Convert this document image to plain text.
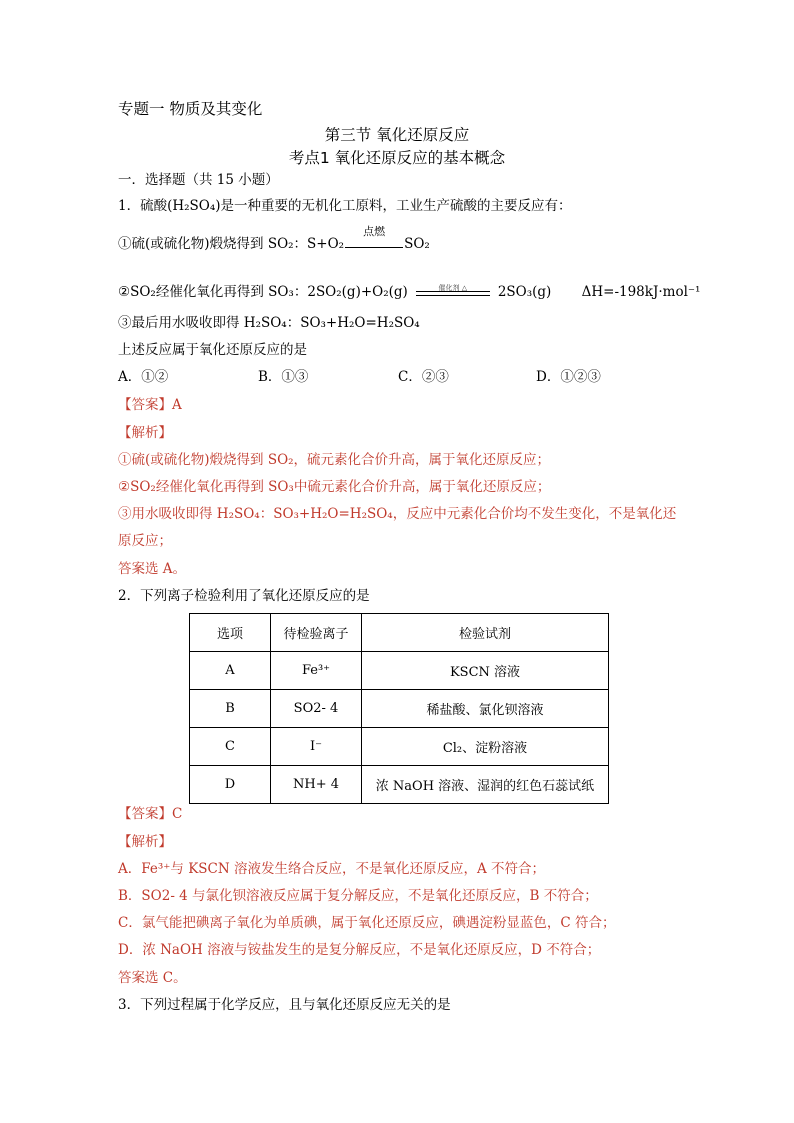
专题一 物质及其变化
第三节 氧化还原反应
考点1 氧化还原反应的基本概念
一．选择题（共 15 小题）
1．硫酸(H₂SO₄)是一种重要的无机化工原料，工业生产硫酸的主要反应有：
①硫(或硫化物)煅烧得到 SO₂：S+O₂
点燃
SO₂
②SO₂经催化氧化再得到 SO₃：2SO₂(g)+O₂(g)	催化剂 △	2SO₃(g) ΔH=-198kJ·mol⁻¹
③最后用水吸收即得 H₂SO₄：SO₃+H₂O=H₂SO₄
上述反应属于氧化还原反应的是
A．①②	B．①③	C．②③	D．①②③
【答案】A
【解析】
①硫(或硫化物)煅烧得到 SO₂，硫元素化合价升高，属于氧化还原反应；
②SO₂经催化氧化再得到 SO₃中硫元素化合价升高，属于氧化还原反应；
③用水吸收即得 H₂SO₄：SO₃+H₂O=H₂SO₄，反应中元素化合价均不发生变化，不是氧化还
原反应；
答案选 A。
2．下列离子检验利用了氧化还原反应的是
选项	待检验离子	检验试剂
A	Fe³⁺	KSCN 溶液
B	SO2- 4	稀盐酸、氯化钡溶液
C	I⁻	Cl₂、淀粉溶液
D	NH+ 4	浓 NaOH 溶液、湿润的红色石蕊试纸
【答案】C
【解析】
A．Fe³⁺与 KSCN 溶液发生络合反应，不是氧化还原反应，A 不符合；
B．SO2- 4 与氯化钡溶液反应属于复分解反应，不是氧化还原反应，B 不符合；
C．氯气能把碘离子氧化为单质碘，属于氧化还原反应，碘遇淀粉显蓝色，C 符合；
D．浓 NaOH 溶液与铵盐发生的是复分解反应，不是氧化还原反应，D 不符合；
答案选 C。
3．下列过程属于化学反应，且与氧化还原反应无关的是
